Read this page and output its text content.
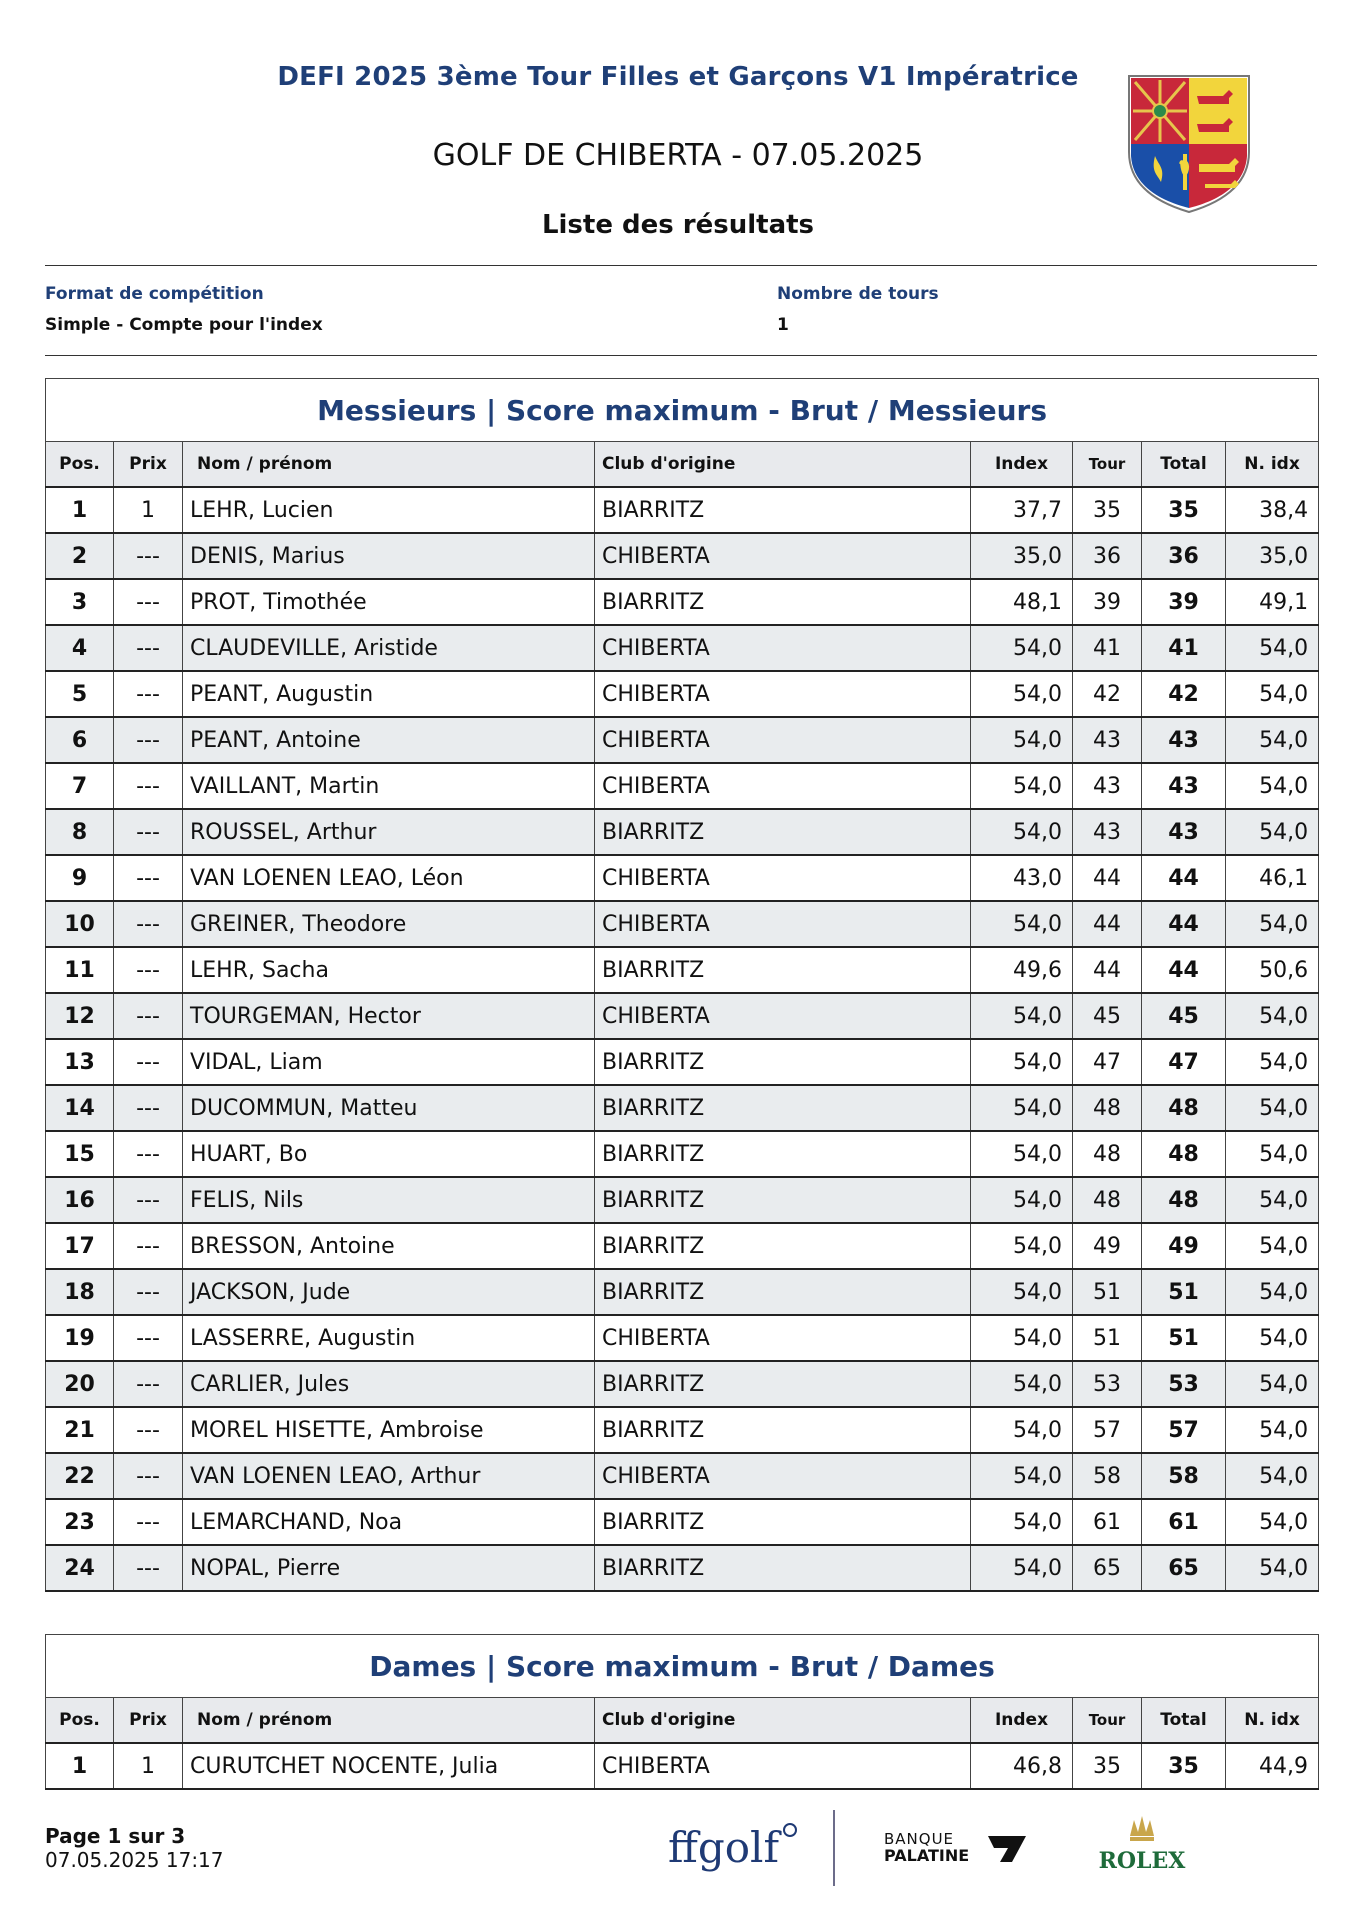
DEFI 2025 3ème Tour Filles et Garçons V1 Impératrice
GOLF DE CHIBERTA - 07.05.2025
Liste des résultats
Format de compétition
Simple - Compte pour l'index
Nombre de tours
1
Messieurs | Score maximum - Brut / Messieurs							
Pos.	Prix	Nom / prénom	Club d'origine	Index	Tour	Total	N. idx
1	1	LEHR, Lucien	BIARRITZ	37,7	35	35	38,4
2	---	DENIS, Marius	CHIBERTA	35,0	36	36	35,0
3	---	PROT, Timothée	BIARRITZ	48,1	39	39	49,1
4	---	CLAUDEVILLE, Aristide	CHIBERTA	54,0	41	41	54,0
5	---	PEANT, Augustin	CHIBERTA	54,0	42	42	54,0
6	---	PEANT, Antoine	CHIBERTA	54,0	43	43	54,0
7	---	VAILLANT, Martin	CHIBERTA	54,0	43	43	54,0
8	---	ROUSSEL, Arthur	BIARRITZ	54,0	43	43	54,0
9	---	VAN LOENEN LEAO, Léon	CHIBERTA	43,0	44	44	46,1
10	---	GREINER, Theodore	CHIBERTA	54,0	44	44	54,0
11	---	LEHR, Sacha	BIARRITZ	49,6	44	44	50,6
12	---	TOURGEMAN, Hector	CHIBERTA	54,0	45	45	54,0
13	---	VIDAL, Liam	BIARRITZ	54,0	47	47	54,0
14	---	DUCOMMUN, Matteu	BIARRITZ	54,0	48	48	54,0
15	---	HUART, Bo	BIARRITZ	54,0	48	48	54,0
16	---	FELIS, Nils	BIARRITZ	54,0	48	48	54,0
17	---	BRESSON, Antoine	BIARRITZ	54,0	49	49	54,0
18	---	JACKSON, Jude	BIARRITZ	54,0	51	51	54,0
19	---	LASSERRE, Augustin	CHIBERTA	54,0	51	51	54,0
20	---	CARLIER, Jules	BIARRITZ	54,0	53	53	54,0
21	---	MOREL HISETTE, Ambroise	BIARRITZ	54,0	57	57	54,0
22	---	VAN LOENEN LEAO, Arthur	CHIBERTA	54,0	58	58	54,0
23	---	LEMARCHAND, Noa	BIARRITZ	54,0	61	61	54,0
24	---	NOPAL, Pierre	BIARRITZ	54,0	65	65	54,0
Dames | Score maximum - Brut / Dames							
Pos.	Prix	Nom / prénom	Club d'origine	Index	Tour	Total	N. idx
1	1	CURUTCHET NOCENTE, Julia	CHIBERTA	46,8	35	35	44,9
Page 1 sur 3
07.05.2025 17:17	ffgolf	BANQUE
PALATINE	ROLEX
